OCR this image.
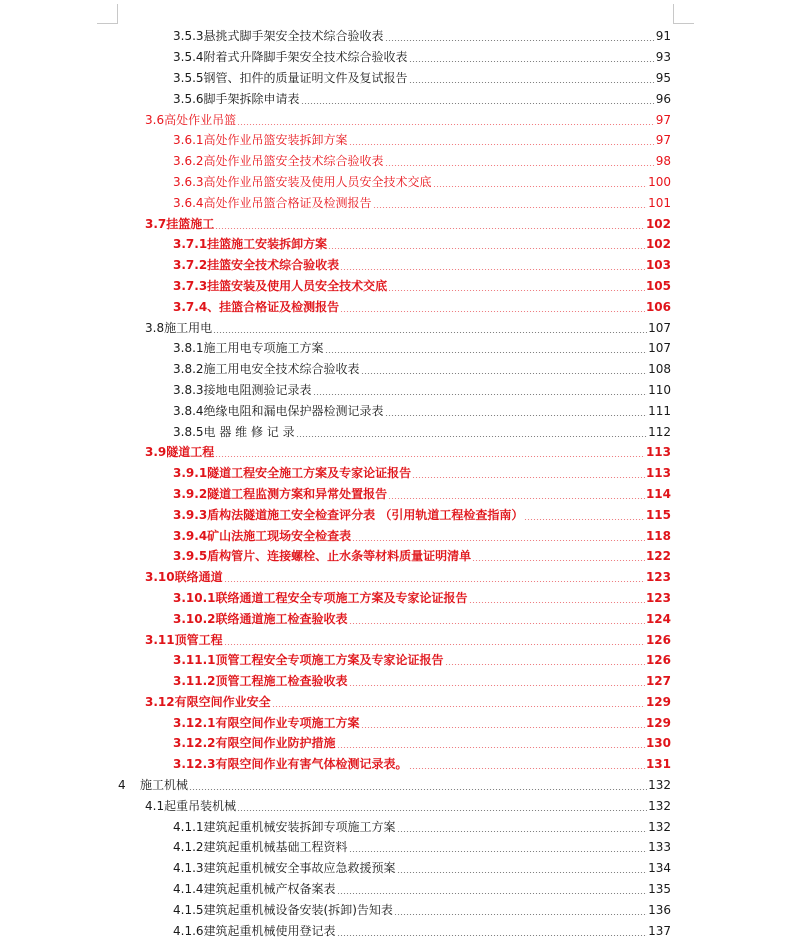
3.5.3 悬挑式脚手架安全技术综合验收表	91
3.5.4 附着式升降脚手架安全技术综合验收表	93
3.5.5 钢管、扣件的质量证明文件及复试报告	95
3.5.6 脚手架拆除申请表	96
3.6 高处作业吊篮	97
3.6.1 高处作业吊篮安装拆卸方案	97
3.6.2 高处作业吊篮安全技术综合验收表	98
3.6.3 高处作业吊篮安装及使用人员安全技术交底	100
3.6.4 高处作业吊篮合格证及检测报告	101
3.7 挂篮施工	102
3.7.1 挂篮施工安装拆卸方案	102
3.7.2 挂篮安全技术综合验收表	103
3.7.3 挂篮安装及使用人员安全技术交底	105
3.7.4、 挂篮合格证及检测报告	106
3.8 施工用电	107
3.8.1 施工用电专项施工方案	107
3.8.2 施工用电安全技术综合验收表	108
3.8.3 接地电阻测验记录表	110
3.8.4 绝缘电阻和漏电保护器检测记录表	111
3.8.5 电 器 维 修 记 录	112
3.9 隧道工程	113
3.9.1 隧道工程安全施工方案及专家论证报告	113
3.9.2 隧道工程监测方案和异常处置报告	114
3.9.3 盾构法隧道施工安全检查评分表 （引用轨道工程检查指南）	115
3.9.4 矿山法施工现场安全检查表	118
3.9.5 盾构管片、连接螺栓、止水条等材料质量证明清单	122
3.10 联络通道	123
3.10.1 联络通道工程安全专项施工方案及专家论证报告	123
3.10.2 联络通道施工检查验收表	124
3.11 顶管工程	126
3.11.1 顶管工程安全专项施工方案及专家论证报告	126
3.11.2 顶管工程施工检查验收表	127
3.12 有限空间作业安全	129
3.12.1 有限空间作业专项施工方案	129
3.12.2 有限空间作业防护措施	130
3.12.3 有限空间作业有害气体检测记录表。	131
4	施工机械	132
4.1 起重吊装机械	132
4.1.1 建筑起重机械安装拆卸专项施工方案	132
4.1.2 建筑起重机械基础工程资料	133
4.1.3 建筑起重机械安全事故应急救援预案	134
4.1.4 建筑起重机械产权备案表	135
4.1.5 建筑起重机械设备安装(拆卸)告知表	136
4.1.6 建筑起重机械使用登记表	137
